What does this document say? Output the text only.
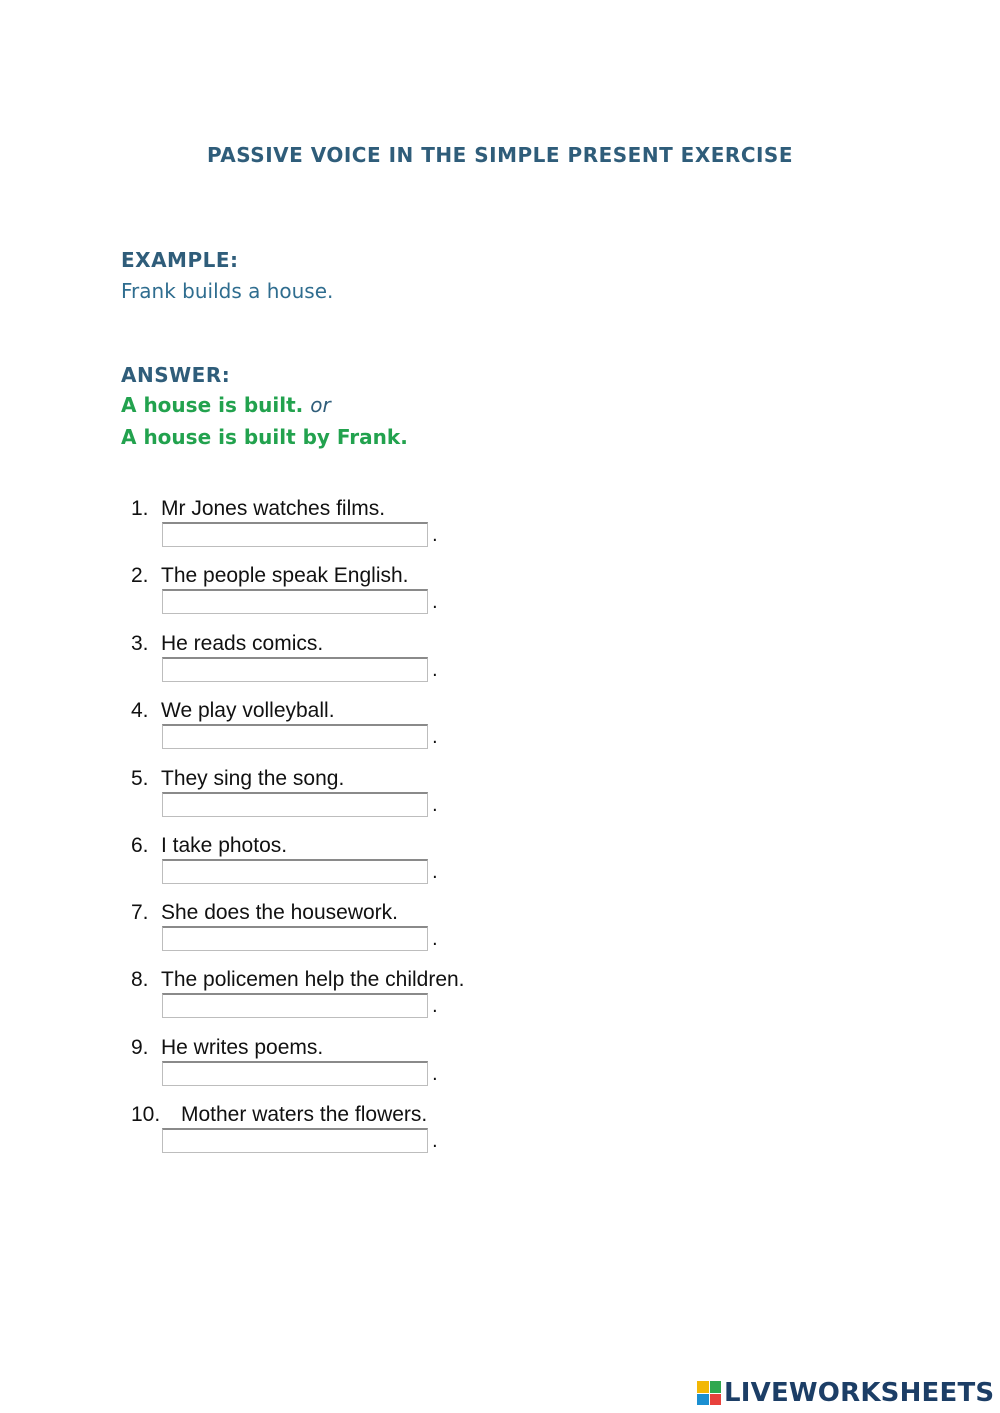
PASSIVE VOICE IN THE SIMPLE PRESENT EXERCISE
EXAMPLE:
Frank builds a house.
ANSWER:
A house is built. or
A house is built by Frank.
1. Mr Jones watches films.
.
2. The people speak English.
.
3. He reads comics.
.
4. We play volleyball.
.
5. They sing the song.
.
6. I take photos.
.
7. She does the housework.
.
8. The policemen help the children.
.
9. He writes poems.
.
10. Mother waters the flowers.
.
LIVEWORKSHEETS
